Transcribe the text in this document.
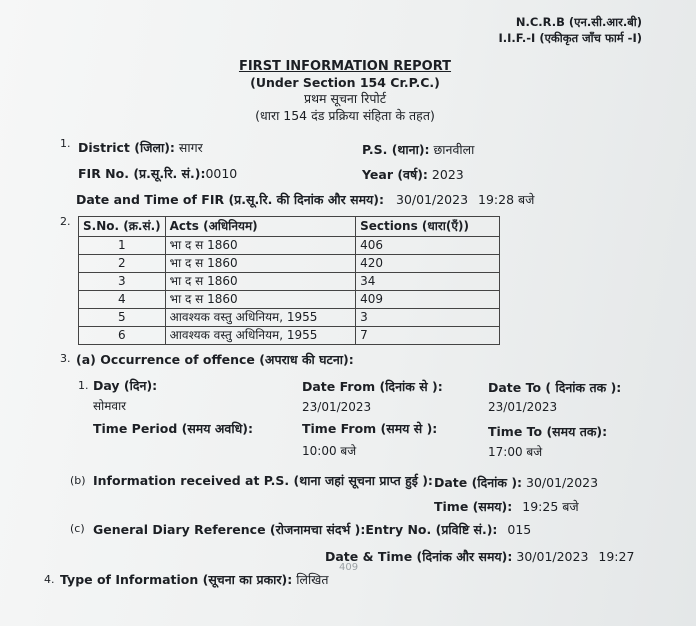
N.C.R.B (एन.सी.आर.बी)
I.I.F.-I (एकीकृत जाँच फार्म -I)
FIRST INFORMATION REPORT
(Under Section 154 Cr.P.C.)
प्रथम सूचना रिपोर्ट
(धारा 154 दंड प्रक्रिया संहिता के तहत)
1. District (जिला): सागर	P.S. (थाना): छानवीला
FIR No. (प्र.सू.रि. सं.):0010	Year (वर्ष): 2023
Date and Time of FIR (प्र.सू.रि. की दिनांक और समय): 30/01/2023 19:28 बजे
2. S.No. (क्र.सं.)	Acts (अधिनियम)	Sections (धारा(एँ))
1	भा द स 1860	406
2	भा द स 1860	420
3	भा द स 1860	34
4	भा द स 1860	409
5	आवश्यक वस्तु अधिनियम, 1955	3
6	आवश्यक वस्तु अधिनियम, 1955	7
3. (a) Occurrence of offence (अपराध की घटना):
1. Day (दिन):
सोमवार
Date From (दिनांक से ):
23/01/2023
Date To ( दिनांक तक ):
23/01/2023
Time Period (समय अवधि):	Time From (समय से ):
10:00 बजे
Time To (समय तक):
17:00 बजे
(b) Information received at P.S. (थाना जहां सूचना प्राप्त हुई ): Date (दिनांक ): 30/01/2023
Time (समय): 19:25 बजे
(c) General Diary Reference (रोजनामचा संदर्भ ):Entry No. (प्रविष्टि सं.): 015
Date & Time (दिनांक और समय): 30/01/2023 19:27
409
4. Type of Information (सूचना का प्रकार): लिखित
